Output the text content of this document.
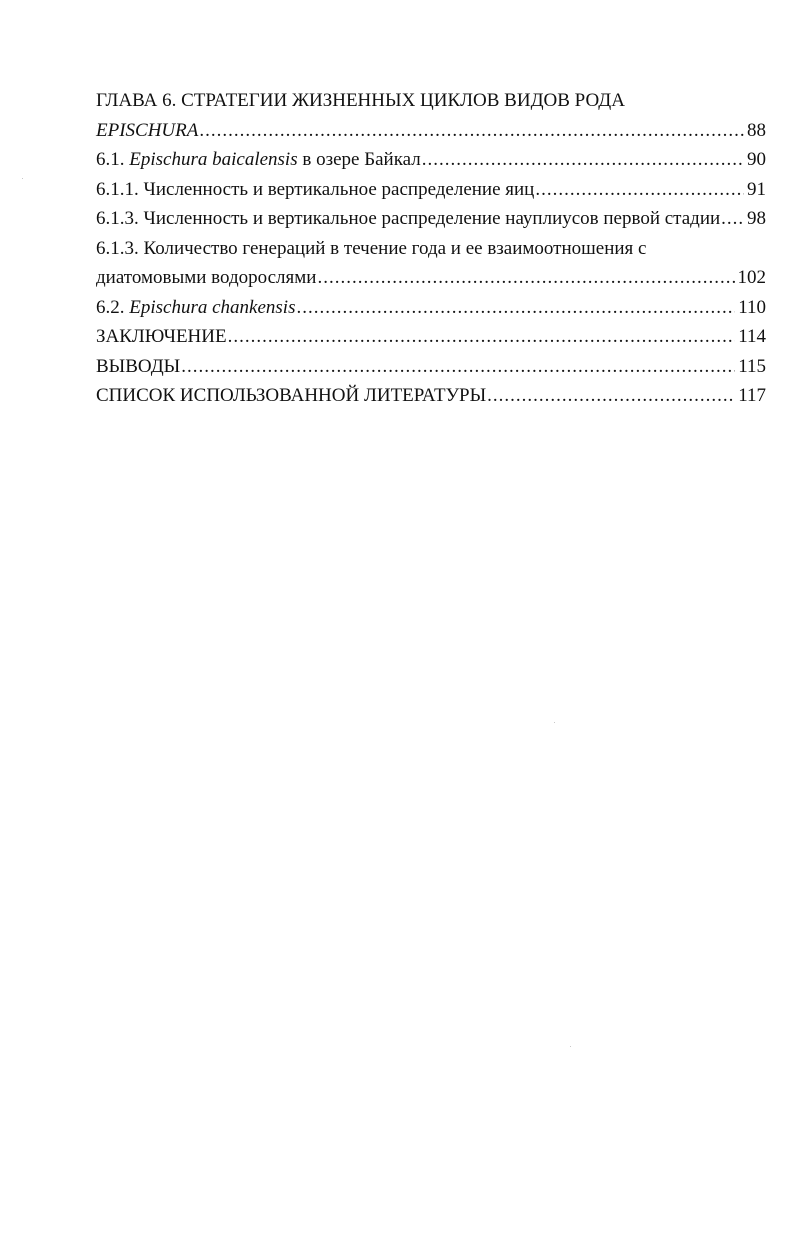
ГЛАВА 6. СТРАТЕГИИ ЖИЗНЕННЫХ ЦИКЛОВ ВИДОВ РОДА
EPISCHURA .....	88
6.1. Epischura baicalensis в озере Байкал .....	90
6.1.1. Численность и вертикальное распределение яиц .....	91
6.1.3. Численность и вертикальное распределение науплиусов первой стадии ..... 98
6.1.3. Количество генераций в течение года и ее взаимоотношения с
диатомовыми водорослями .....	102
6.2. Epischura chankensis .....	110
ЗАКЛЮЧЕНИЕ .....	114
ВЫВОДЫ .....	115
СПИСОК ИСПОЛЬЗОВАННОЙ ЛИТЕРАТУРЫ .....	117
